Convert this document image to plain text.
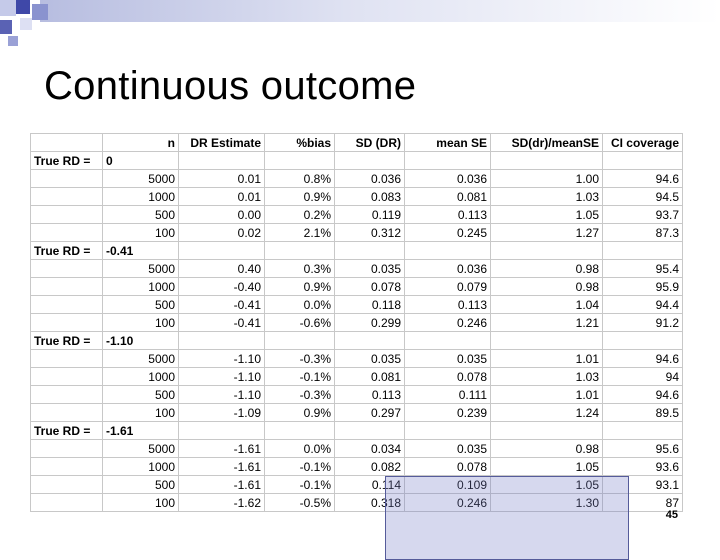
Continuous outcome
	n	DR Estimate	%bias	SD (DR)	mean SE	SD(dr)/meanSE	CI coverage
True RD =	0						
	5000	0.01	0.8%	0.036	0.036	1.00	94.6
	1000	0.01	0.9%	0.083	0.081	1.03	94.5
	500	0.00	0.2%	0.119	0.113	1.05	93.7
	100	0.02	2.1%	0.312	0.245	1.27	87.3
True RD =	-0.41						
	5000	0.40	0.3%	0.035	0.036	0.98	95.4
	1000	-0.40	0.9%	0.078	0.079	0.98	95.9
	500	-0.41	0.0%	0.118	0.113	1.04	94.4
	100	-0.41	-0.6%	0.299	0.246	1.21	91.2
True RD =	-1.10						
	5000	-1.10	-0.3%	0.035	0.035	1.01	94.6
	1000	-1.10	-0.1%	0.081	0.078	1.03	94
	500	-1.10	-0.3%	0.113	0.111	1.01	94.6
	100	-1.09	0.9%	0.297	0.239	1.24	89.5
True RD =	-1.61						
	5000	-1.61	0.0%	0.034	0.035	0.98	95.6
	1000	-1.61	-0.1%	0.082	0.078	1.05	93.6
	500	-1.61	-0.1%	0.114	0.109	1.05	93.1
	100	-1.62	-0.5%	0.318	0.246	1.30	87
45
